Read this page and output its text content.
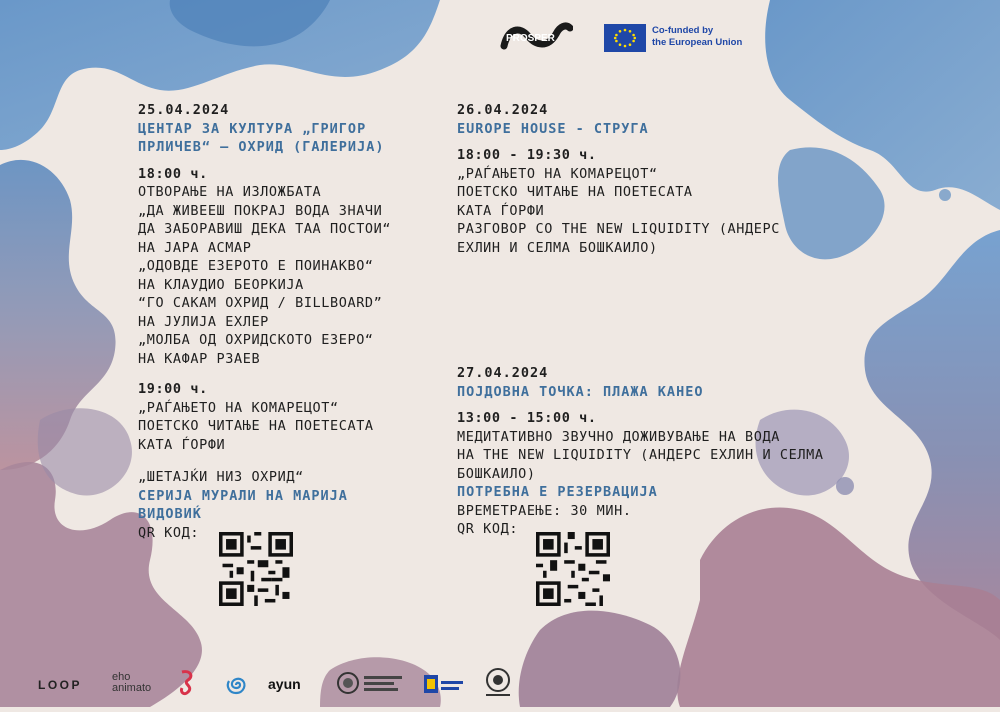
PROSPER
Co-funded by
the European Union
25.04.2024
ЦЕНТАР ЗА КУЛТУРА „ГРИГОР
ПРЛИЧЕВ“ – ОХРИД (ГАЛЕРИЈА)
18:00 ч.
ОТВОРАЊЕ НА ИЗЛОЖБАТА
„ДА ЖИВЕЕШ ПОКРАЈ ВОДА ЗНАЧИ
ДА ЗАБОРАВИШ ДЕКА ТАА ПОСТОИ“
НА ЈАРА АСМАР
„ОДОВДЕ ЕЗЕРОТО Е ПОИНАКВО“
НА КЛАУДИО БЕОРКИЈА
“ГО САКАМ ОХРИД / BILLBOARD”
НА ЈУЛИЈА ЕХЛЕР
„МОЛБА ОД ОХРИДСКОТО ЕЗЕРО“
НА КАФАР РЗАЕВ
19:00 ч.
„РАЃАЊЕТО НА КОМАРЕЦОТ“
ПОЕТСКО ЧИТАЊЕ НА ПОЕТЕСАТА
КАТА ЃОРФИ
„ШЕТАЈЌИ НИЗ ОХРИД“
СЕРИЈА МУРАЛИ НА МАРИЈА
ВИДОВИЌ
QR КОД:
26.04.2024
EUROPE HOUSE - СТРУГА
18:00 - 19:30 ч.
„РАЃАЊЕТО НА КОМАРЕЦОТ“
ПОЕТСКО ЧИТАЊЕ НА ПОЕТЕСАТА
КАТА ЃОРФИ
РАЗГОВОР СО THE NEW LIQUIDITY (АНДЕРС
ЕХЛИН И СЕЛМА БОШКАИЛО)
27.04.2024
ПОЈДОВНА ТОЧКА: ПЛАЖА КАНЕО
13:00 - 15:00 ч.
МЕДИТАТИВНО ЗВУЧНО ДОЖИВУВАЊЕ НА ВОДА
НА THE NEW LIQUIDITY (АНДЕРС ЕХЛИН И СЕЛМА
БОШКАИЛО)
ПОТРЕБНА Е РЕЗЕРВАЦИЈА
ВРЕМЕТРАЕЊЕ: 30 МИН.
QR КОД:
LOOP
eho
animato	ayun
